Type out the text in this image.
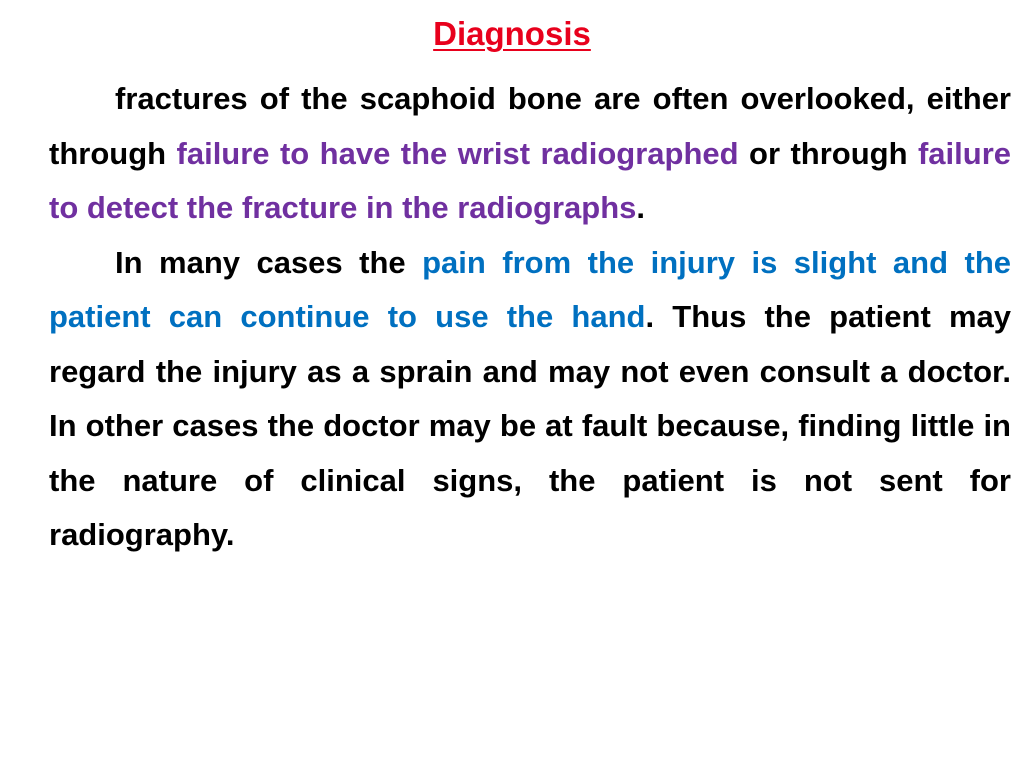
Diagnosis

fractures of the scaphoid bone are often overlooked, either through failure to have the wrist radiographed or through failure to detect the fracture in the radiographs.

In many cases the pain from the injury is slight and the patient can continue to use the hand. Thus the patient may regard the injury as a sprain and may not even consult a doctor. In other cases the doctor may be at fault because, finding little in the nature of clinical signs, the patient is not sent for radiography.
